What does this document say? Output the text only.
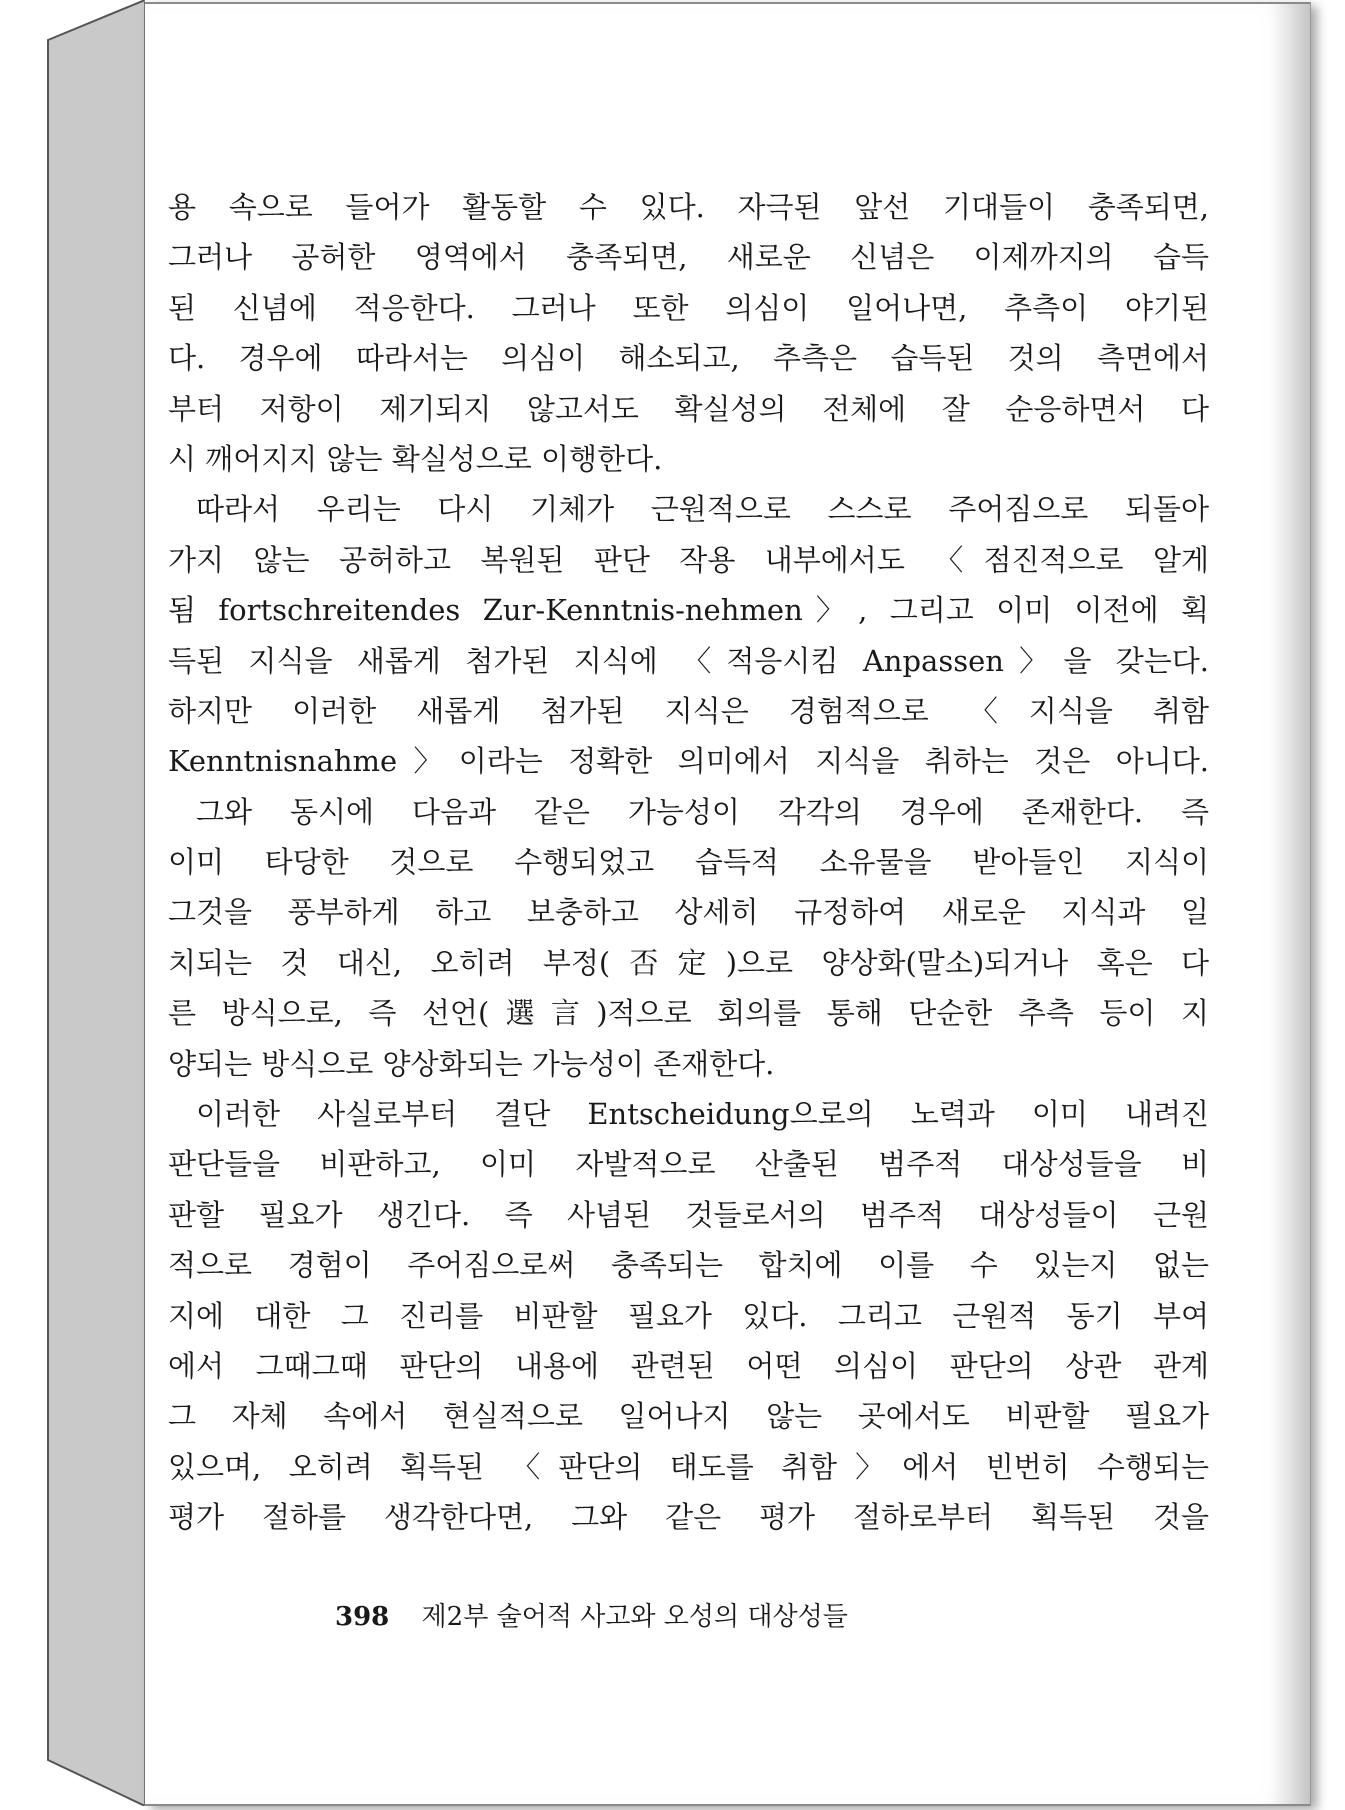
용 속으로 들어가 활동할 수 있다. 자극된 앞선 기대들이 충족되면,
그러나 공허한 영역에서 충족되면, 새로운 신념은 이제까지의 습득
된 신념에 적응한다. 그러나 또한 의심이 일어나면, 추측이 야기된
다. 경우에 따라서는 의심이 해소되고, 추측은 습득된 것의 측면에서
부터 저항이 제기되지 않고서도 확실성의 전체에 잘 순응하면서 다
시 깨어지지 않는 확실성으로 이행한다.
따라서 우리는 다시 기체가 근원적으로 스스로 주어짐으로 되돌아
가지 않는 공허하고 복원된 판단 작용 내부에서도 〈점진적으로 알게
됨 fortschreitendes Zur-Kenntnis-nehmen〉, 그리고 이미 이전에 획
득된 지식을 새롭게 첨가된 지식에 〈적응시킴 Anpassen〉을 갖는다.
하지만 이러한 새롭게 첨가된 지식은 경험적으로 〈지식을 취함
Kenntnisnahme〉이라는 정확한 의미에서 지식을 취하는 것은 아니다.
그와 동시에 다음과 같은 가능성이 각각의 경우에 존재한다. 즉
이미 타당한 것으로 수행되었고 습득적 소유물을 받아들인 지식이
그것을 풍부하게 하고 보충하고 상세히 규정하여 새로운 지식과 일
치되는 것 대신, 오히려 부정(否定)으로 양상화(말소)되거나 혹은 다
른 방식으로, 즉 선언(選言)적으로 회의를 통해 단순한 추측 등이 지
양되는 방식으로 양상화되는 가능성이 존재한다.
이러한 사실로부터 결단 Entscheidung으로의 노력과 이미 내려진
판단들을 비판하고, 이미 자발적으로 산출된 범주적 대상성들을 비
판할 필요가 생긴다. 즉 사념된 것들로서의 범주적 대상성들이 근원
적으로 경험이 주어짐으로써 충족되는 합치에 이를 수 있는지 없는
지에 대한 그 진리를 비판할 필요가 있다. 그리고 근원적 동기 부여
에서 그때그때 판단의 내용에 관련된 어떤 의심이 판단의 상관 관계
그 자체 속에서 현실적으로 일어나지 않는 곳에서도 비판할 필요가
있으며, 오히려 획득된 〈판단의 태도를 취함〉에서 빈번히 수행되는
평가 절하를 생각한다면, 그와 같은 평가 절하로부터 획득된 것을
398 제2부 술어적 사고와 오성의 대상성들
